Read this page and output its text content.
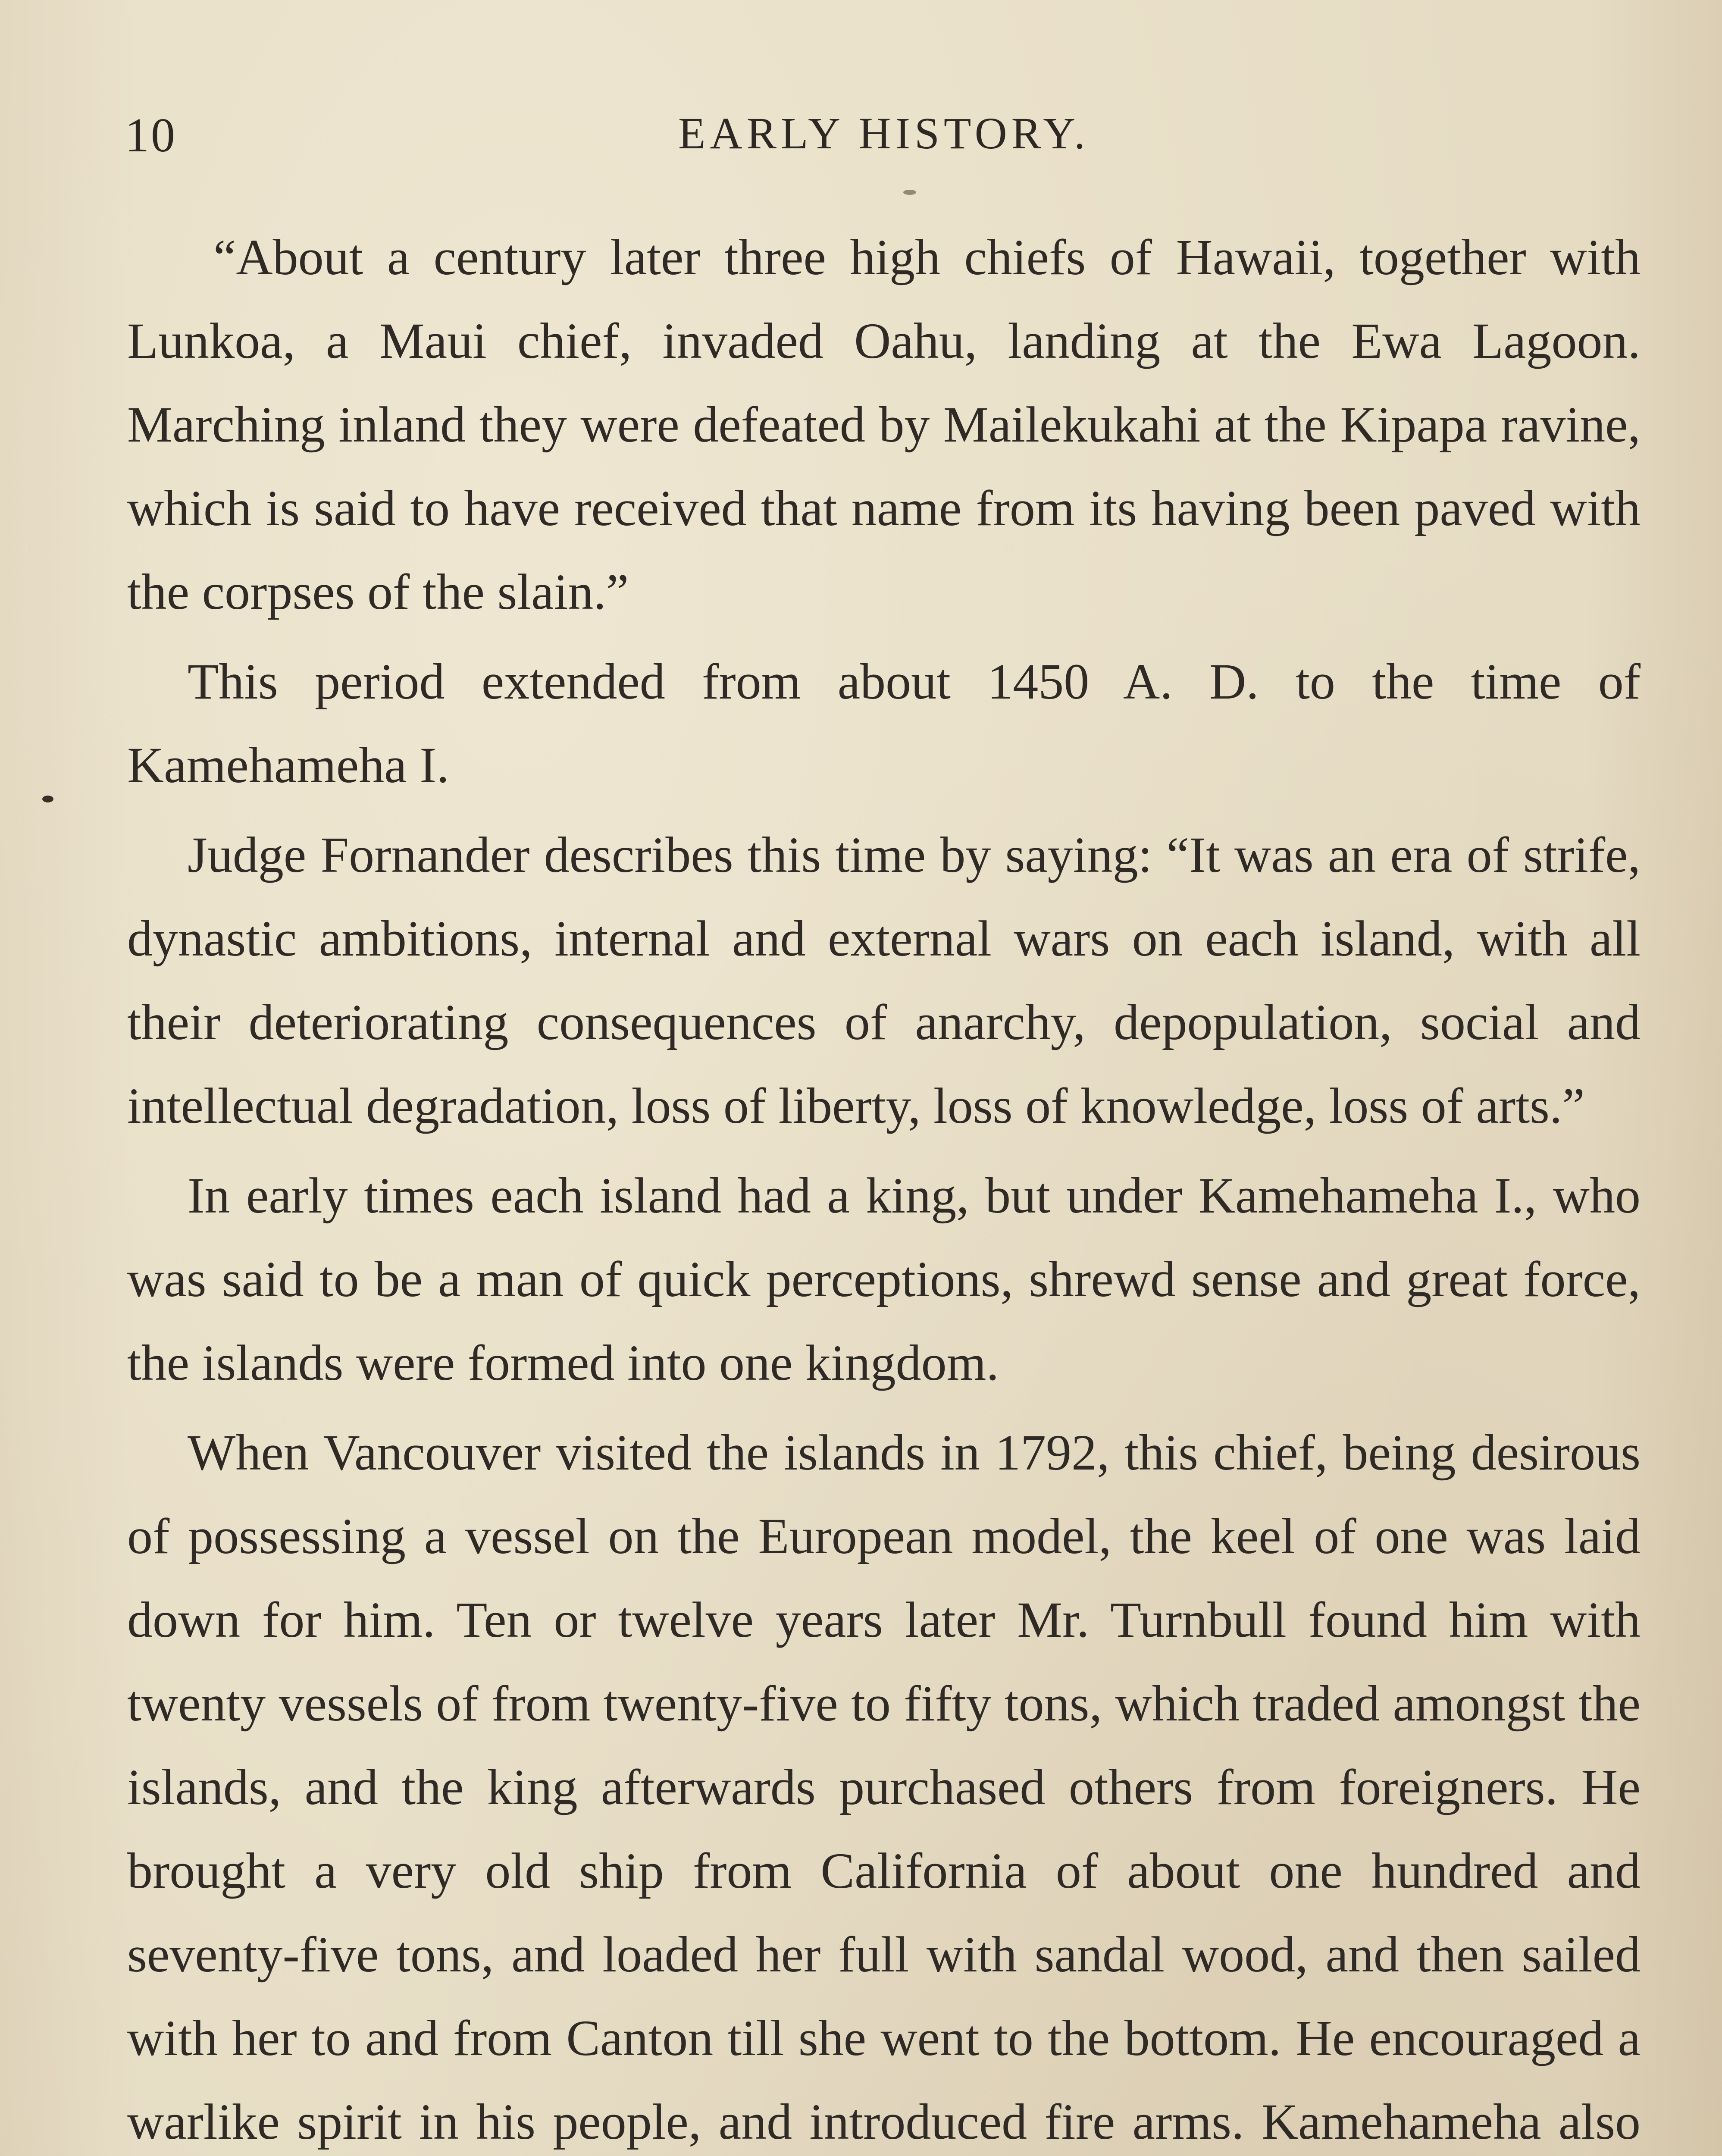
10	EARLY HISTORY.

“About a century later three high chiefs of Hawaii, together with Lunkoa, a Maui chief, invaded Oahu, landing at the Ewa Lagoon. Marching inland they were defeated by Mailekukahi at the Kipapa ravine, which is said to have received that name from its having been paved with the corpses of the slain.”

This period extended from about 1450 A. D. to the time of Kamehameha I.

Judge Fornander describes this time by saying: “It was an era of strife, dynastic ambitions, internal and external wars on each island, with all their deteriorating consequences of anarchy, depopulation, social and intellectual degradation, loss of liberty, loss of knowledge, loss of arts.”

In early times each island had a king, but under Kamehameha I., who was said to be a man of quick perceptions, shrewd sense and great force, the islands were formed into one kingdom.

When Vancouver visited the islands in 1792, this chief, being desirous of possessing a vessel on the European model, the keel of one was laid down for him. Ten or twelve years later Mr. Turnbull found him with twenty vessels of from twenty-five to fifty tons, which traded amongst the islands, and the king afterwards purchased others from foreigners. He brought a very old ship from California of about one hundred and seventy-five tons, and loaded her full with sandal wood, and then sailed with her to and from Canton till she went to the bottom. He encouraged a warlike spirit in his people, and introduced fire arms. Kamehameha also
